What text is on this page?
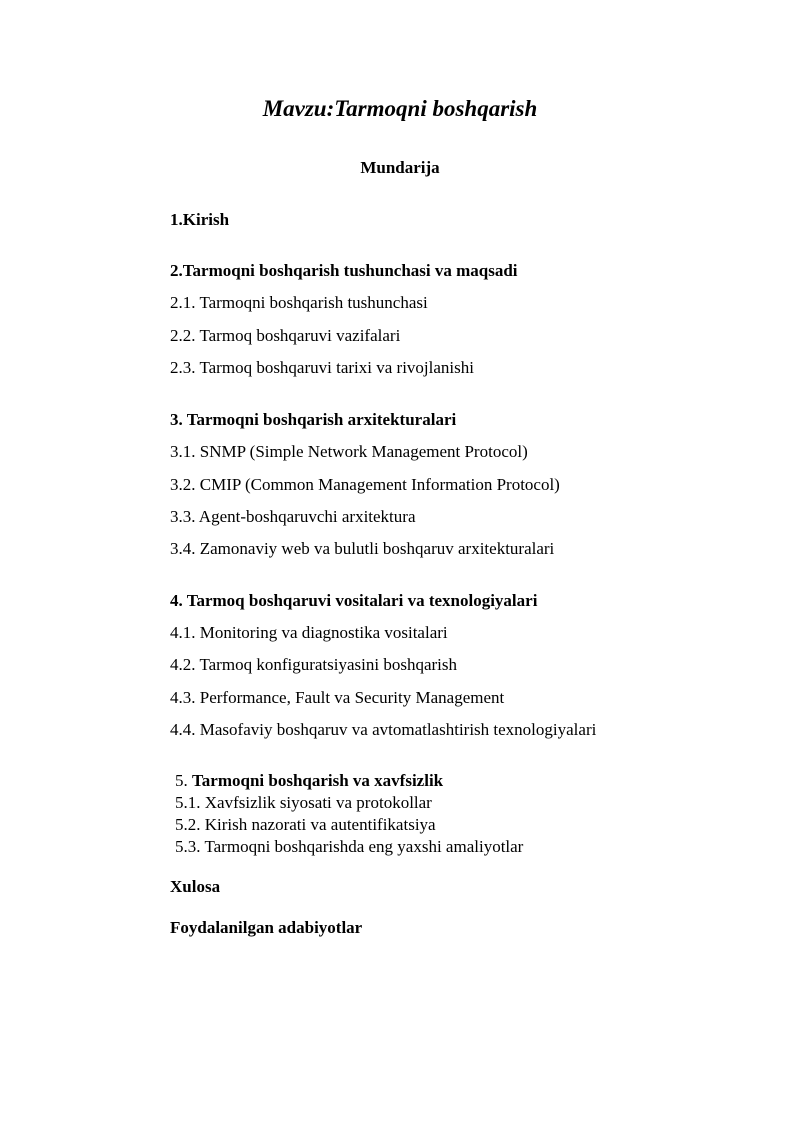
Mavzu:Tarmoqni boshqarish
Mundarija
1.Kirish
2.Tarmoqni boshqarish tushunchasi va maqsadi
2.1. Tarmoqni boshqarish tushunchasi
2.2. Tarmoq boshqaruvi vazifalari
2.3. Tarmoq boshqaruvi tarixi va rivojlanishi
3. Tarmoqni boshqarish arxitekturalari
3.1. SNMP (Simple Network Management Protocol)
3.2. CMIP (Common Management Information Protocol)
3.3. Agent-boshqaruvchi arxitektura
3.4. Zamonaviy web va bulutli boshqaruv arxitekturalari
4. Tarmoq boshqaruvi vositalari va texnologiyalari
4.1. Monitoring va diagnostika vositalari
4.2. Tarmoq konfiguratsiyasini boshqarish
4.3. Performance, Fault va Security Management
4.4. Masofaviy boshqaruv va avtomatlashtirish texnologiyalari
5. Tarmoqni boshqarish va xavfsizlik
5.1. Xavfsizlik siyosati va protokollar
5.2. Kirish nazorati va autentifikatsiya
5.3. Tarmoqni boshqarishda eng yaxshi amaliyotlar
Xulosa
Foydalanilgan adabiyotlar
